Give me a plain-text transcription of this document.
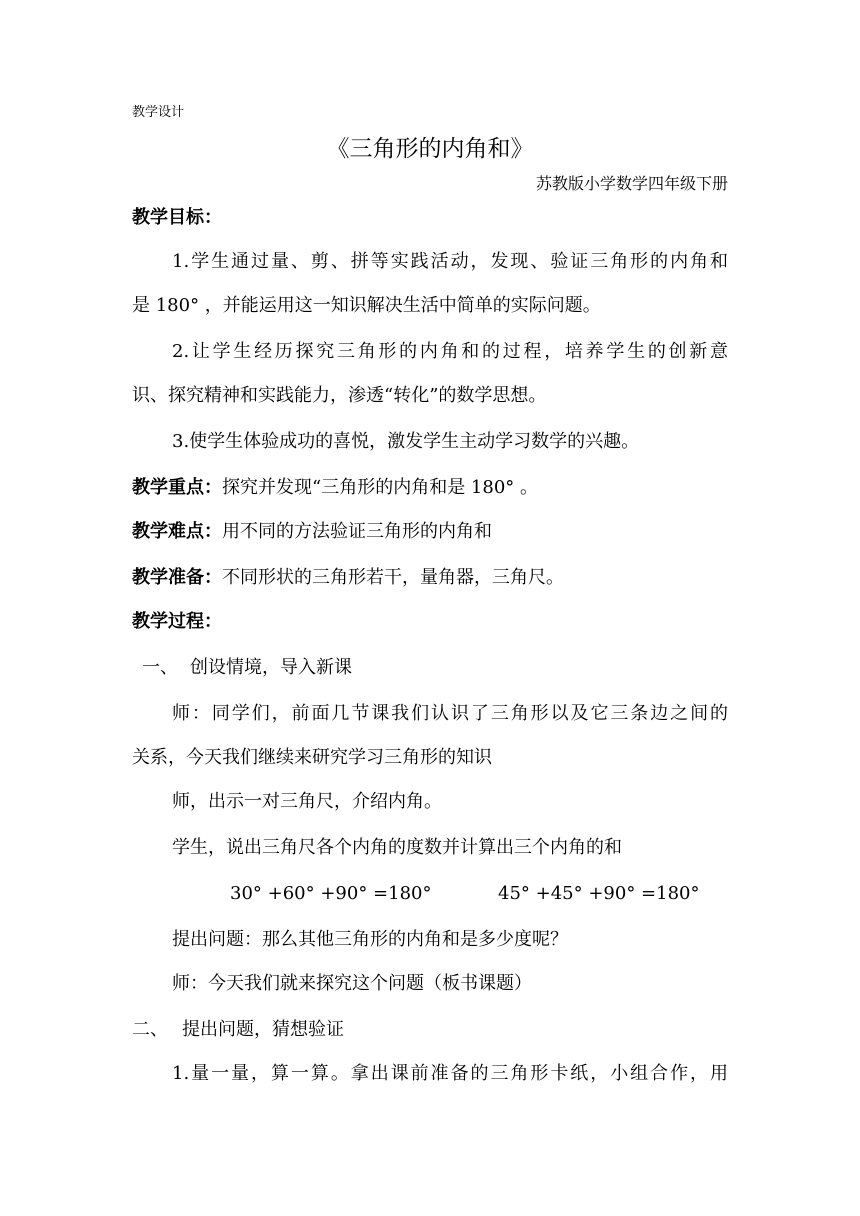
教学设计
《三角形的内角和》
苏教版小学数学四年级下册
教学目标：
1.学生通过量、剪、拼等实践活动，发现、验证三角形的内角和
是 180° ，并能运用这一知识解决生活中简单的实际问题。
2.让学生经历探究三角形的内角和的过程，培养学生的创新意
识、探究精神和实践能力，渗透“转化”的数学思想。
3.使学生体验成功的喜悦，激发学生主动学习数学的兴趣。
教学重点：探究并发现“三角形的内角和是 180° 。
教学难点：用不同的方法验证三角形的内角和
教学准备：不同形状的三角形若干，量角器，三角尺。
教学过程：
一、 创设情境，导入新课
师：同学们，前面几节课我们认识了三角形以及它三条边之间的
关系，今天我们继续来研究学习三角形的知识
师，出示一对三角尺，介绍内角。
学生，说出三角尺各个内角的度数并计算出三个内角的和
30° +60° +90° =180°	45° +45° +90° =180°
提出问题：那么其他三角形的内角和是多少度呢？
师：今天我们就来探究这个问题（板书课题）
二、 提出问题，猜想验证
1.量一量，算一算。拿出课前准备的三角形卡纸，小组合作，用
